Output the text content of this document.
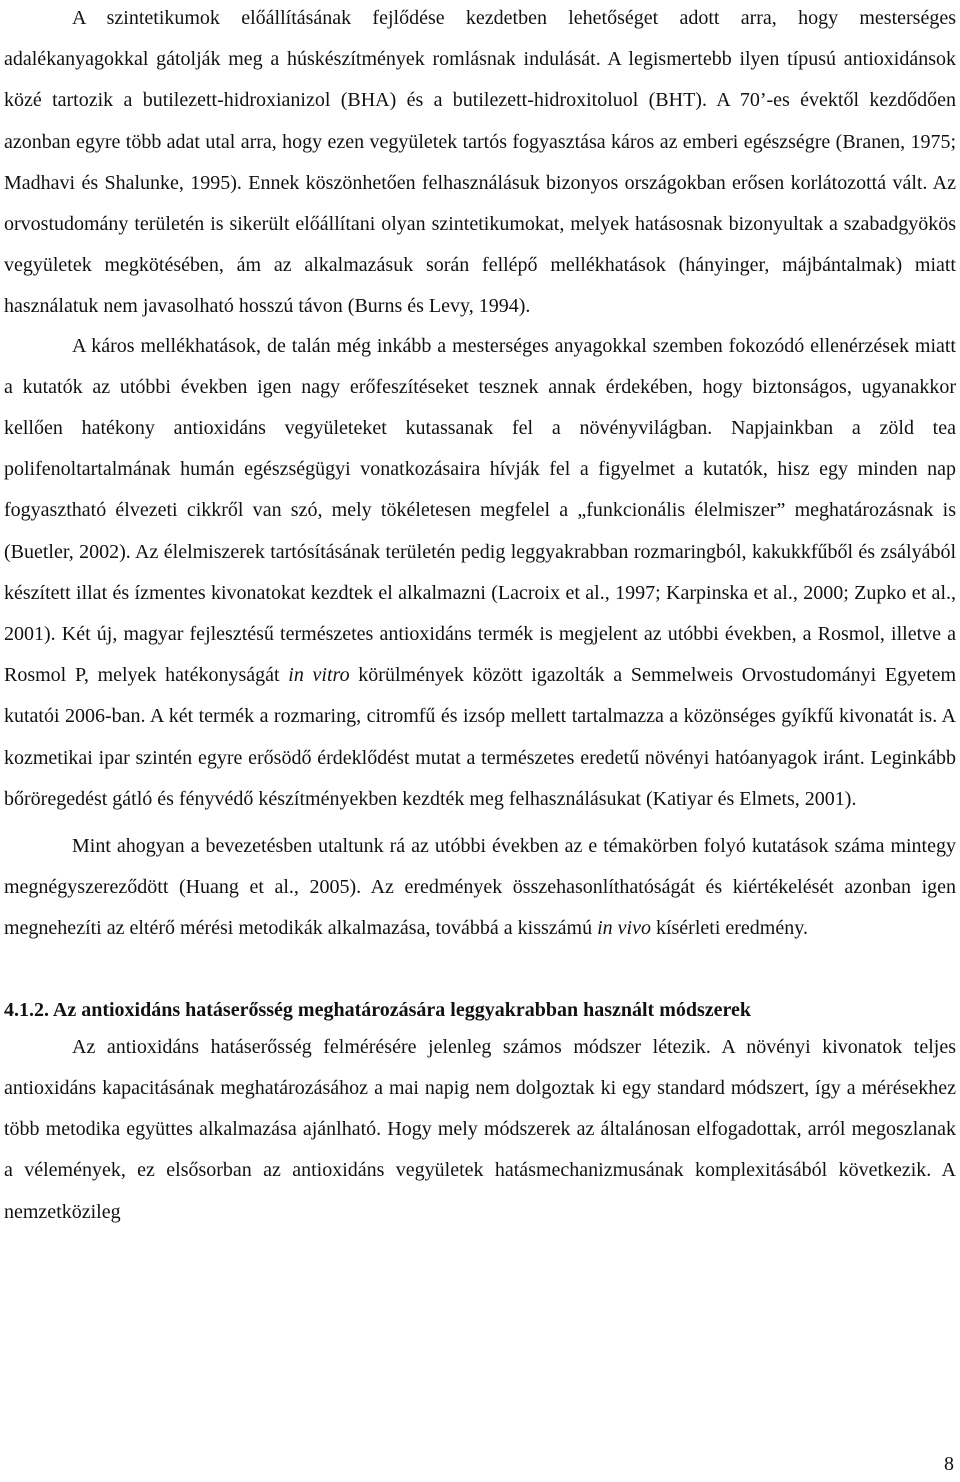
A szintetikumok előállításának fejlődése kezdetben lehetőséget adott arra, hogy mesterséges adalékanyagokkal gátolják meg a húskészítmények romlásnak indulását. A legismertebb ilyen típusú antioxidánsok közé tartozik a butilezett-hidroxianizol (BHA) és a butilezett-hidroxitoluol (BHT). A 70’-es évektől kezdődően azonban egyre több adat utal arra, hogy ezen vegyületek tartós fogyasztása káros az emberi egészségre (Branen, 1975; Madhavi és Shalunke, 1995). Ennek köszönhetően felhasználásuk bizonyos országokban erősen korlátozottá vált. Az orvostudomány területén is sikerült előállítani olyan szintetikumokat, melyek hatásosnak bizonyultak a szabadgyökös vegyületek megkötésében, ám az alkalmazásuk során fellépő mellékhatások (hányinger, májbántalmak) miatt használatuk nem javasolható hosszú távon (Burns és Levy, 1994).

A káros mellékhatások, de talán még inkább a mesterséges anyagokkal szemben fokozódó ellenérzések miatt a kutatók az utóbbi években igen nagy erőfeszítéseket tesznek annak érdekében, hogy biztonságos, ugyanakkor kellően hatékony antioxidáns vegyületeket kutassanak fel a növényvilágban. Napjainkban a zöld tea polifenoltartalmának humán egészségügyi vonatkozásaira hívják fel a figyelmet a kutatók, hisz egy minden nap fogyasztható élvezeti cikkről van szó, mely tökéletesen megfelel a „funkcionális élelmiszer” meghatározásnak is (Buetler, 2002). Az élelmiszerek tartósításának területén pedig leggyakrabban rozmaringból, kakukkfűből és zsályából készített illat és ízmentes kivonatokat kezdtek el alkalmazni (Lacroix et al., 1997; Karpinska et al., 2000; Zupko et al., 2001). Két új, magyar fejlesztésű természetes antioxidáns termék is megjelent az utóbbi években, a Rosmol, illetve a Rosmol P, melyek hatékonyságát in vitro körülmények között igazolták a Semmelweis Orvostudományi Egyetem kutatói 2006-ban. A két termék a rozmaring, citromfű és izsóp mellett tartalmazza a közönséges gyíkfű kivonatát is. A kozmetikai ipar szintén egyre erősödő érdeklődést mutat a természetes eredetű növényi hatóanyagok iránt. Leginkább bőröregedést gátló és fényvédő készítményekben kezdték meg felhasználásukat (Katiyar és Elmets, 2001).

Mint ahogyan a bevezetésben utaltunk rá az utóbbi években az e témakörben folyó kutatások száma mintegy megnégyszereződött (Huang et al., 2005). Az eredmények összehasonlíthatóságát és kiértékelését azonban igen megnehezíti az eltérő mérési metodikák alkalmazása, továbbá a kisszámú in vivo kísérleti eredmény.

4.1.2. Az antioxidáns hatáserősség meghatározására leggyakrabban használt módszerek

Az antioxidáns hatáserősség felmérésére jelenleg számos módszer létezik. A növényi kivonatok teljes antioxidáns kapacitásának meghatározásához a mai napig nem dolgoztak ki egy standard módszert, így a mérésekhez több metodika együttes alkalmazása ajánlható. Hogy mely módszerek az általánosan elfogadottak, arról megoszlanak a vélemények, ez elsősorban az antioxidáns vegyületek hatásmechanizmusának komplexitásából következik. A nemzetközileg

8
